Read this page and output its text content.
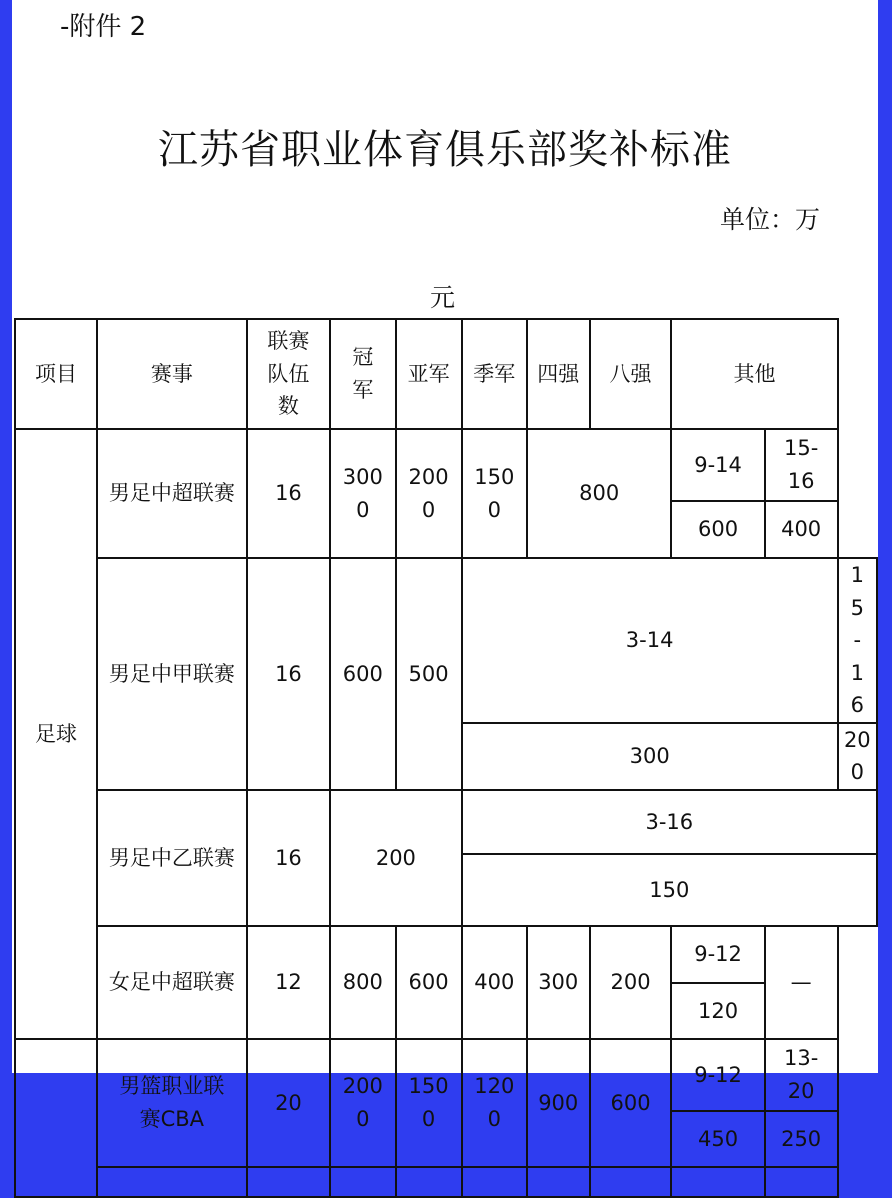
-附件 2
江苏省职业体育俱乐部奖补标准
单位：万
元
项目	赛事	联赛队伍数	冠军	亚军	季军	四强	八强	其他		
足球	男足中超联赛	16	3000	2000	1500	800		9-14	15-16	
								600	400	
	男足中甲联赛	16	600	500	3-14					15-16
					300					200
	男足中乙联赛	16	200		3-16					
					150					
	女足中超联赛	12	800	600	400	300	200	9-12	—	
								120		
	男篮职业联赛CBA	20	2000	1500	1200	900	600	9-12	13-20	
								450	250	
